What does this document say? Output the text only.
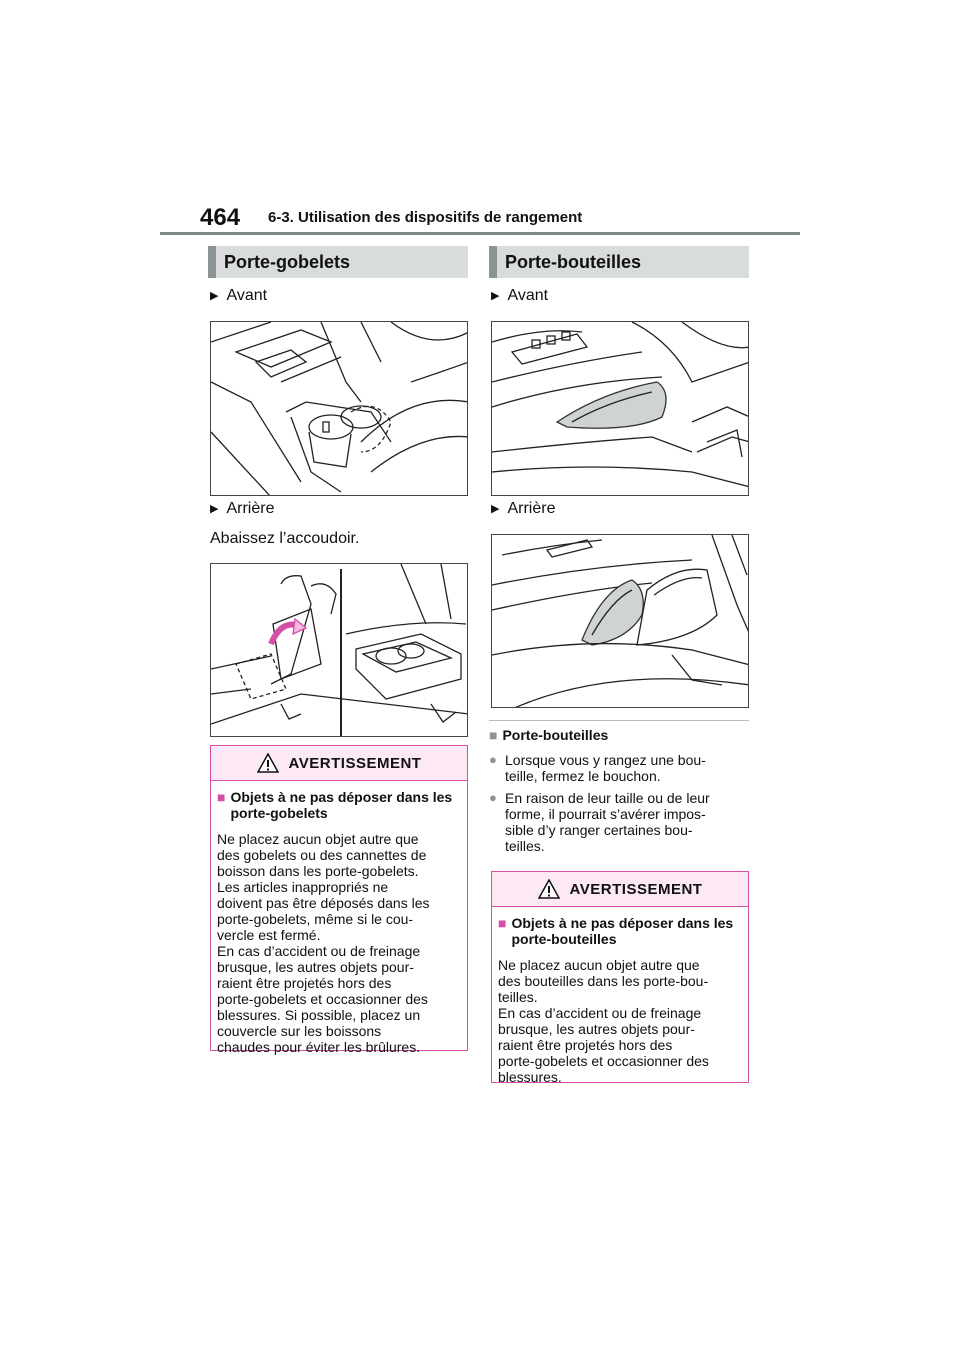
464 6-3. Utilisation des dispositifs de rangement
Porte-gobelets
▶ Avant
▶ Arrière
Abaissez l’accoudoir.
AVERTISSEMENT
■ Objets à ne pas déposer dans les porte-gobelets
Ne placez aucun objet autre que
des gobelets ou des cannettes de
boisson dans les porte-gobelets.
Les articles inappropriés ne
doivent pas être déposés dans les
porte-gobelets, même si le cou-
vercle est fermé.
En cas d’accident ou de freinage
brusque, les autres objets pour-
raient être projetés hors des
porte-gobelets et occasionner des
blessures. Si possible, placez un
couvercle sur les boissons
chaudes pour éviter les brûlures.
Porte-bouteilles
▶ Avant
▶ Arrière
■ Porte-bouteilles
● Lorsque vous y rangez une bou-
teille, fermez le bouchon.
● En raison de leur taille ou de leur
forme, il pourrait s’avérer impos-
sible d’y ranger certaines bou-
teilles.
AVERTISSEMENT
■ Objets à ne pas déposer dans les porte-bouteilles
Ne placez aucun objet autre que
des bouteilles dans les porte-bou-
teilles.
En cas d’accident ou de freinage
brusque, les autres objets pour-
raient être projetés hors des
porte-gobelets et occasionner des
blessures.
